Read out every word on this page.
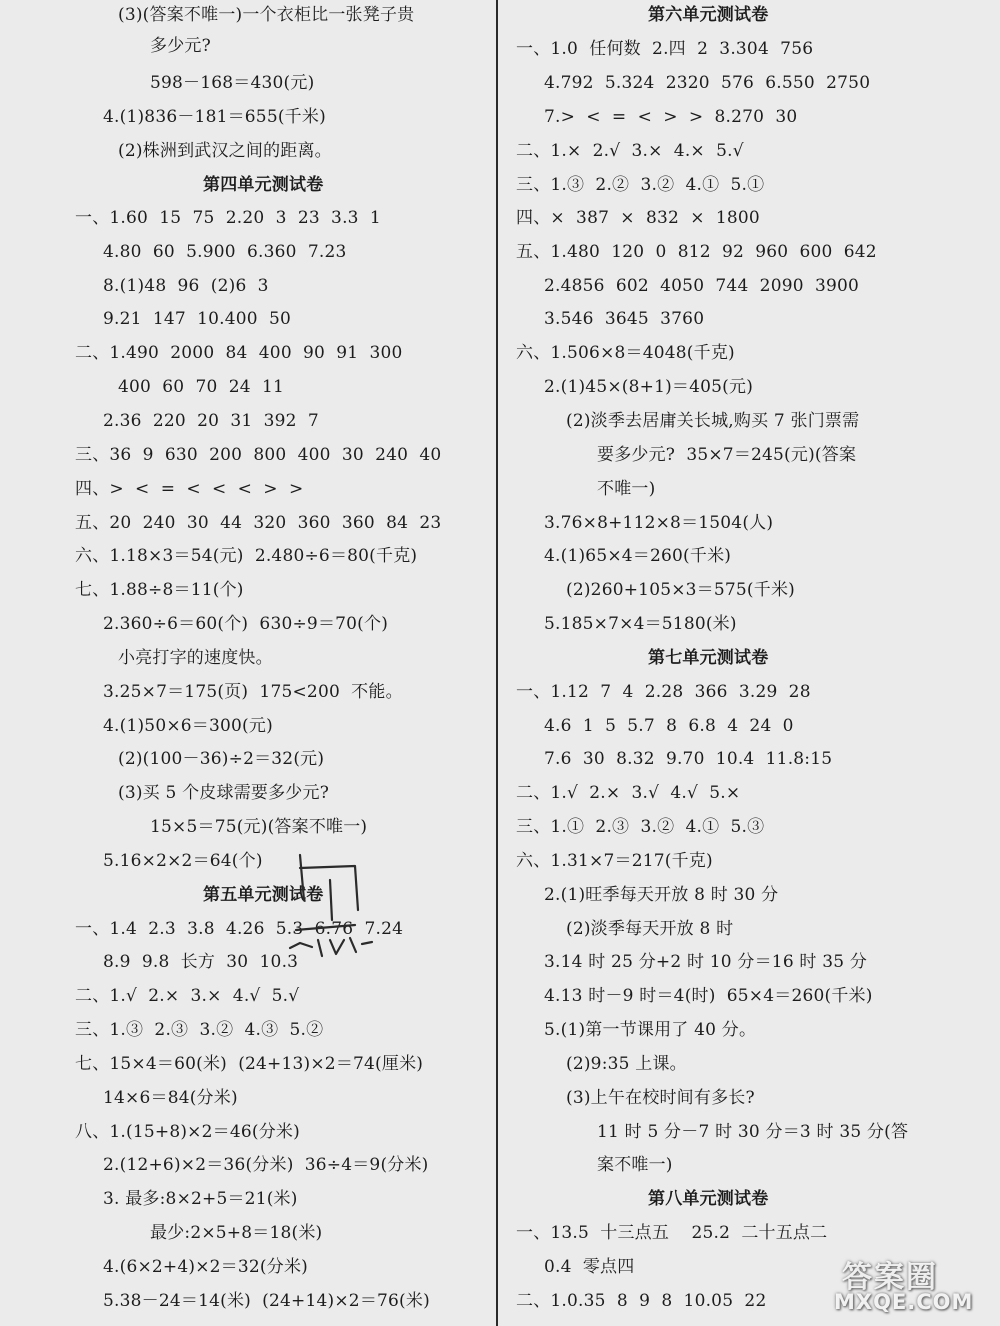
(3)(答案不唯一)一个衣柜比一张凳子贵
多少元?
598－168＝430(元)
4.(1)836－181＝655(千米)
(2)株洲到武汉之间的距离。
第四单元测试卷
一、1.60  15  75  2.20  3  23  3.3  1
4.80  60  5.900  6.360  7.23
8.(1)48  96  (2)6  3
9.21  147  10.400  50
二、1.490  2000  84  400  90  91  300
400  60  70  24  11
2.36  220  20  31  392  7
三、36  9  630  200  800  400  30  240  40
四、>  <  =  <  <  <  >  >
五、20  240  30  44  320  360  360  84  23
六、1.18×3＝54(元)  2.480÷6＝80(千克)
七、1.88÷8＝11(个)
2.360÷6＝60(个)  630÷9＝70(个)
小亮打字的速度快。
3.25×7＝175(页)  175<200  不能。
4.(1)50×6＝300(元)
(2)(100－36)÷2＝32(元)
(3)买 5 个皮球需要多少元?
15×5＝75(元)(答案不唯一)
5.16×2×2＝64(个)
第五单元测试卷
一、1.4  2.3  3.8  4.26  5.3  6.76  7.24
8.9  9.8  长方  30  10.3
二、1.√  2.×  3.×  4.√  5.√
三、1.③  2.③  3.②  4.③  5.②
七、15×4＝60(米)  (24+13)×2＝74(厘米)
14×6＝84(分米)
八、1.(15+8)×2＝46(分米)
2.(12+6)×2＝36(分米)  36÷4＝9(分米)
3. 最多:8×2+5＝21(米)
最少:2×5+8＝18(米)
4.(6×2+4)×2＝32(分米)
5.38－24＝14(米)  (24+14)×2＝76(米)
第六单元测试卷
一、1.0  任何数  2.四  2  3.304  756
4.792  5.324  2320  576  6.550  2750
7.>  <  =  <  >  >  8.270  30
二、1.×  2.√  3.×  4.×  5.√
三、1.③  2.②  3.②  4.①  5.①
四、×  387  ×  832  ×  1800
五、1.480  120  0  812  92  960  600  642
2.4856  602  4050  744  2090  3900
3.546  3645  3760
六、1.506×8＝4048(千克)
2.(1)45×(8+1)＝405(元)
(2)淡季去居庸关长城,购买 7 张门票需
要多少元?  35×7＝245(元)(答案
不唯一)
3.76×8+112×8＝1504(人)
4.(1)65×4＝260(千米)
(2)260+105×3＝575(千米)
5.185×7×4＝5180(米)
第七单元测试卷
一、1.12  7  4  2.28  366  3.29  28
4.6  1  5  5.7  8  6.8  4  24  0
7.6  30  8.32  9.70  10.4  11.8:15
二、1.√  2.×  3.√  4.√  5.×
三、1.①  2.③  3.②  4.①  5.③
六、1.31×7＝217(千克)
2.(1)旺季每天开放 8 时 30 分
(2)淡季每天开放 8 时
3.14 时 25 分+2 时 10 分＝16 时 35 分
4.13 时－9 时＝4(时)  65×4＝260(千米)
5.(1)第一节课用了 40 分。
(2)9:35 上课。
(3)上午在校时间有多长?
11 时 5 分－7 时 30 分＝3 时 35 分(答
案不唯一)
第八单元测试卷
一、13.5  十三点五    25.2  二十五点二
0.4  零点四
二、1.0.35  8  9  8  10.05  22
答案圈
MXQE.COM
